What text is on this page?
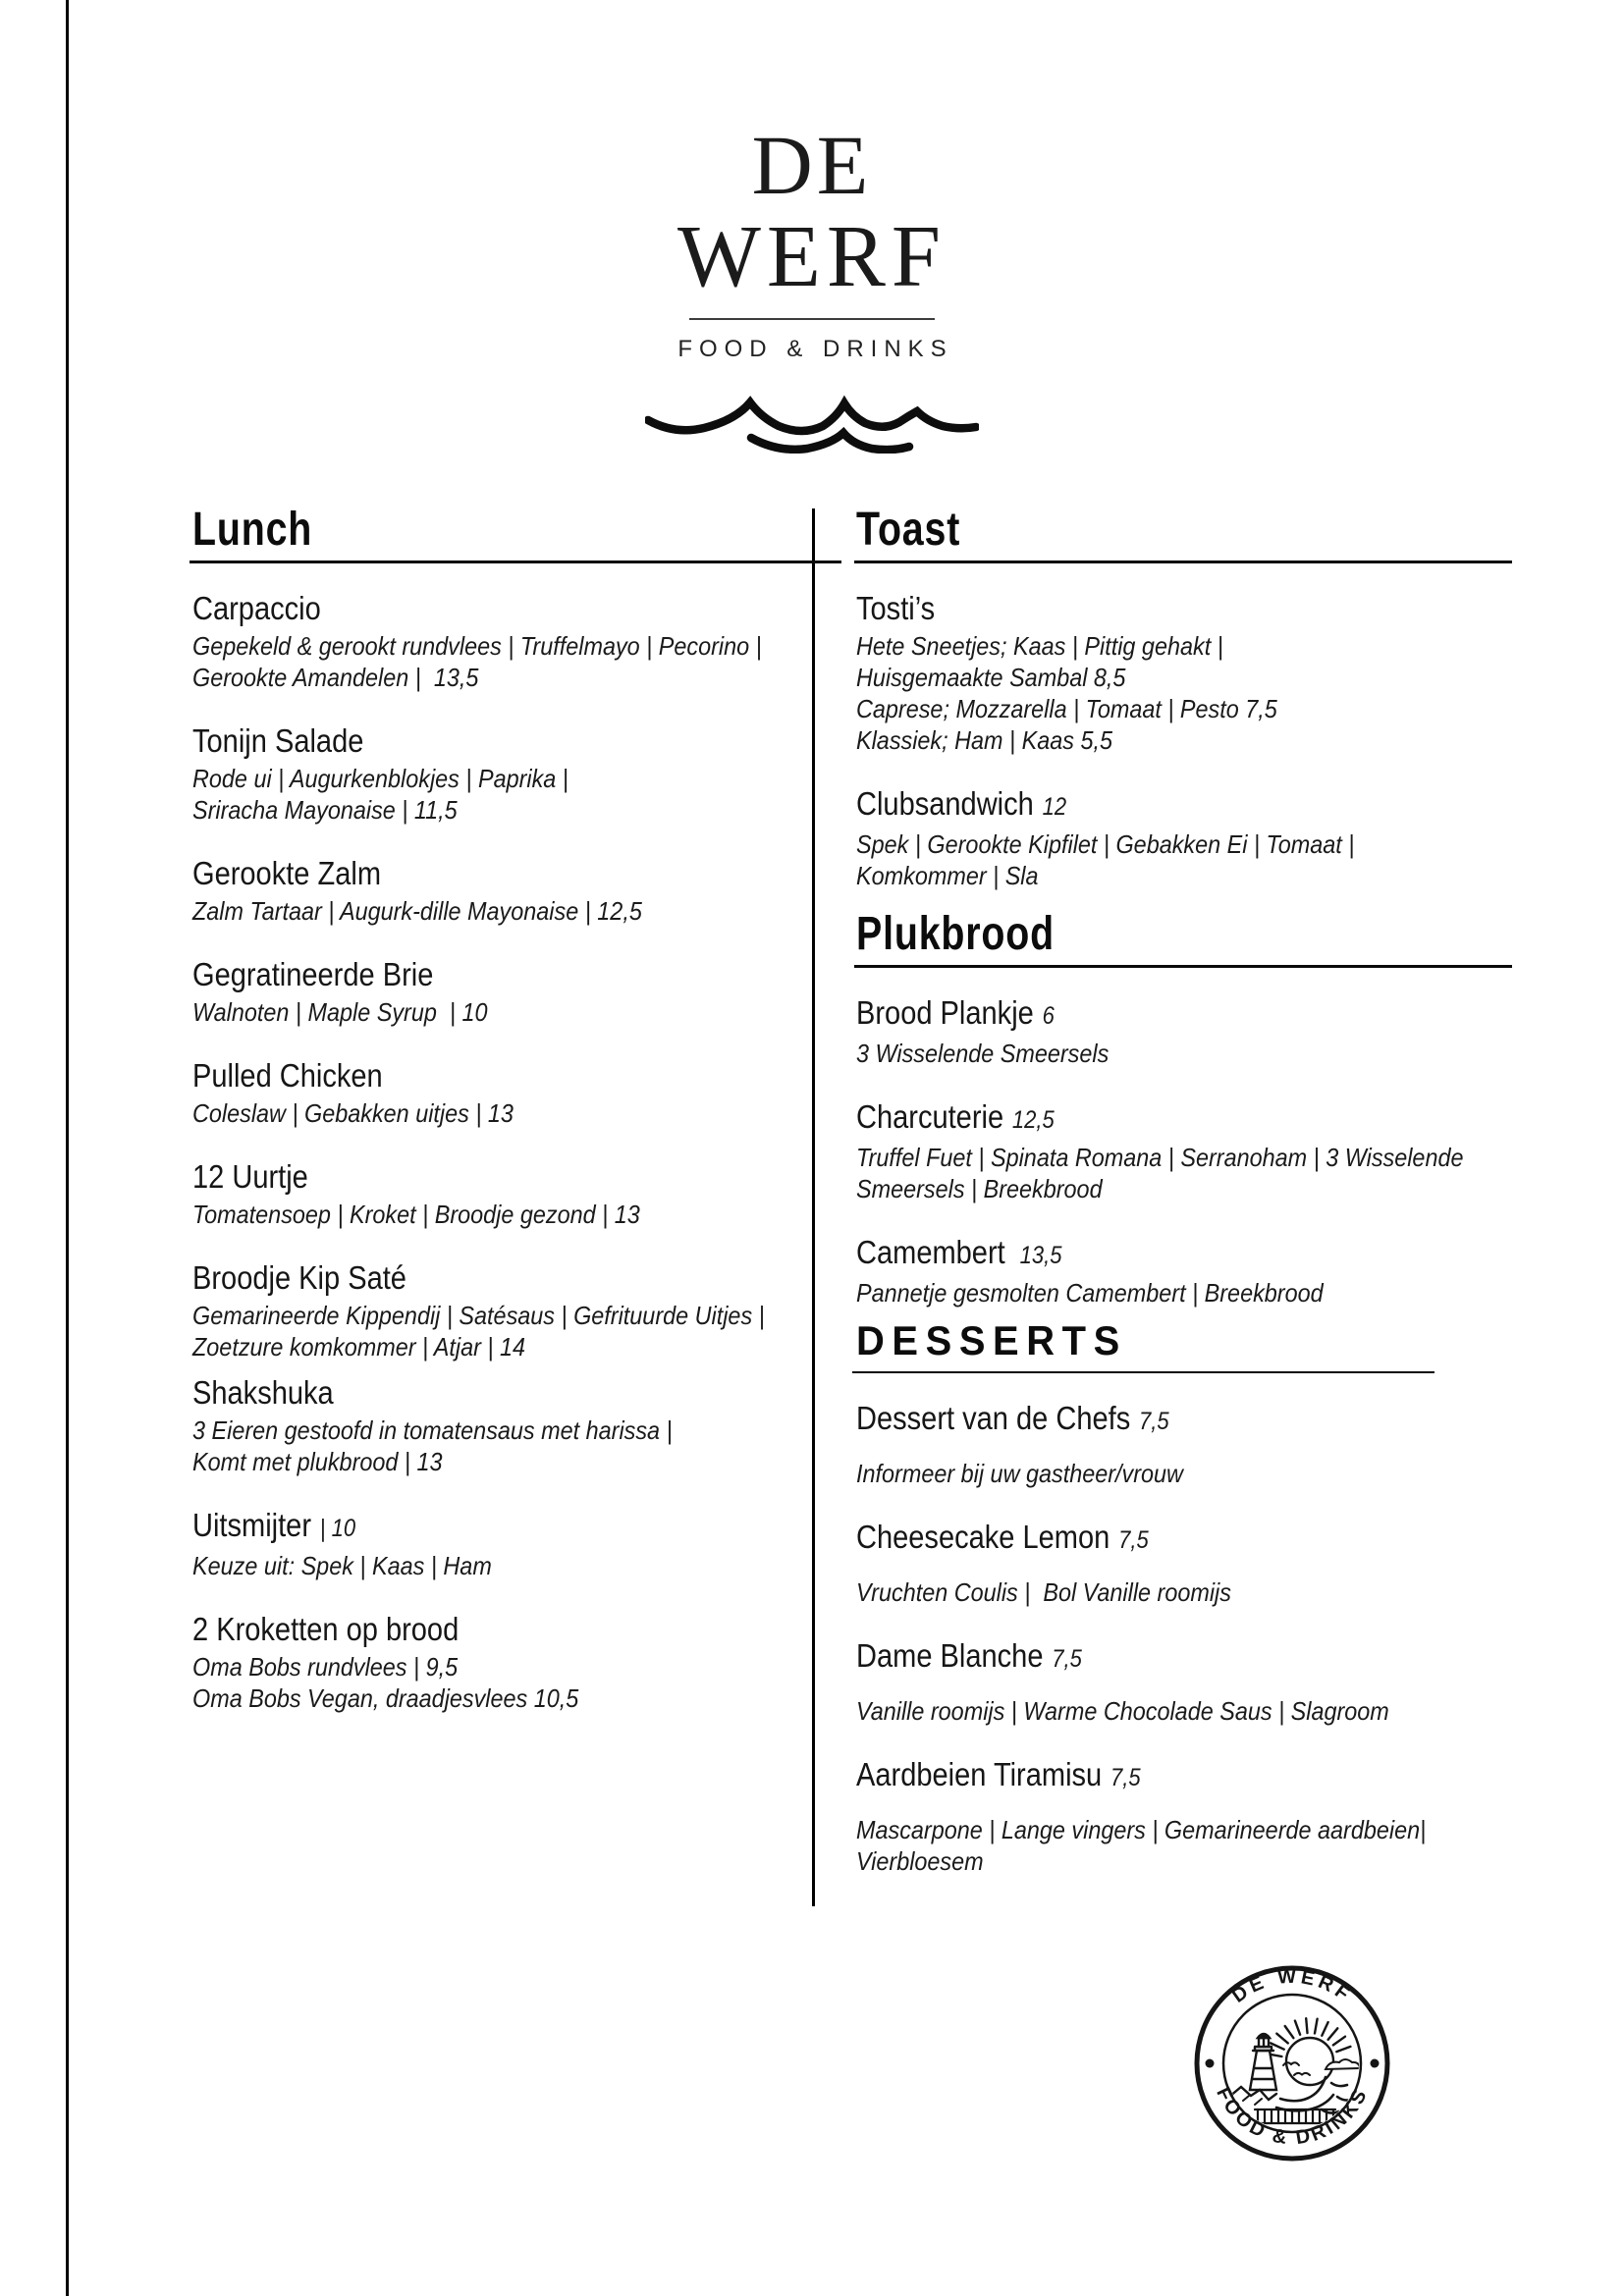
DE
WERF
FOOD & DRINKS
Lunch
Carpaccio
Gepekeld & gerookt rundvlees | Truffelmayo | Pecorino |
Gerookte Amandelen |  13,5
Tonijn Salade
Rode ui | Augurkenblokjes | Paprika |
Sriracha Mayonaise | 11,5
Gerookte Zalm
Zalm Tartaar | Augurk-dille Mayonaise | 12,5
Gegratineerde Brie
Walnoten | Maple Syrup  | 10
Pulled Chicken
Coleslaw | Gebakken uitjes | 13
12 Uurtje
Tomatensoep | Kroket | Broodje gezond | 13
Broodje Kip Saté
Gemarineerde Kippendij | Satésaus | Gefrituurde Uitjes |
Zoetzure komkommer | Atjar | 14
Shakshuka
3 Eieren gestoofd in tomatensaus met harissa |
Komt met plukbrood | 13
Uitsmijter | 10
Keuze uit: Spek | Kaas | Ham
2 Kroketten op brood
Oma Bobs rundvlees | 9,5
Oma Bobs Vegan, draadjesvlees 10,5
Toast
Tosti’s
Hete Sneetjes; Kaas | Pittig gehakt |
Huisgemaakte Sambal 8,5
Caprese; Mozzarella | Tomaat | Pesto 7,5
Klassiek; Ham | Kaas 5,5
Clubsandwich 12
Spek | Gerookte Kipfilet | Gebakken Ei | Tomaat |
Komkommer | Sla
Plukbrood
Brood Plankje 6
3 Wisselende Smeersels
Charcuterie 12,5
Truffel Fuet | Spinata Romana | Serranoham | 3 Wisselende
Smeersels | Breekbrood
Camembert 13,5
Pannetje gesmolten Camembert | Breekbrood
DESSERTS
Dessert van de Chefs 7,5
Informeer bij uw gastheer/vrouw
Cheesecake Lemon 7,5
Vruchten Coulis |  Bol Vanille roomijs
Dame Blanche 7,5
Vanille roomijs | Warme Chocolade Saus | Slagroom
Aardbeien Tiramisu 7,5
Mascarpone | Lange vingers | Gemarineerde aardbeien|
Vierbloesem
DE WERF
FOOD & DRINKS
